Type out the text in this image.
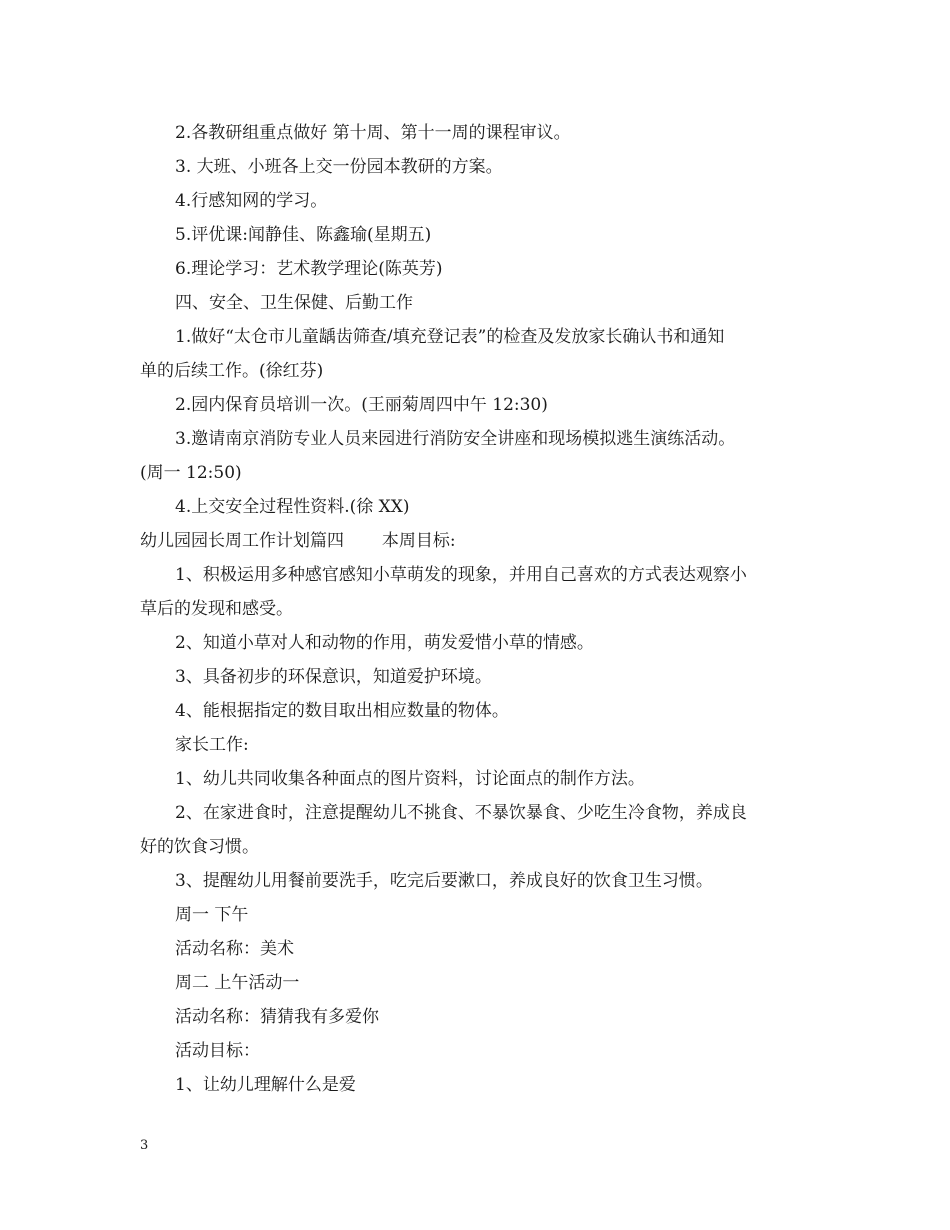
2.各教研组重点做好 第十周、第十一周的课程审议。

3. 大班、小班各上交一份园本教研的方案。

4.行感知网的学习。

5.评优课:闻静佳、陈鑫瑜(星期五)

6.理论学习：艺术教学理论(陈英芳)

四、安全、卫生保健、后勤工作

1.做好“太仓市儿童龋齿筛查/填充登记表”的检查及发放家长确认书和通知

单的后续工作。(徐红芬)

2.园内保育员培训一次。(王丽菊周四中午 12:30)

3.邀请南京消防专业人员来园进行消防安全讲座和现场模拟逃生演练活动。

(周一 12:50)

4.上交安全过程性资料.(徐 XX)

幼儿园园长周工作计划篇四       本周目标:

1、积极运用多种感官感知小草萌发的现象，并用自己喜欢的方式表达观察小

草后的发现和感受。

2、知道小草对人和动物的作用，萌发爱惜小草的情感。

3、具备初步的环保意识，知道爱护环境。

4、能根据指定的数目取出相应数量的物体。

家长工作:

1、幼儿共同收集各种面点的图片资料，讨论面点的制作方法。

2、在家进食时，注意提醒幼儿不挑食、不暴饮暴食、少吃生冷食物，养成良

好的饮食习惯。

3、提醒幼儿用餐前要洗手，吃完后要漱口，养成良好的饮食卫生习惯。

周一 下午

活动名称：美术

周二 上午活动一

活动名称：猜猜我有多爱你

活动目标：

1、让幼儿理解什么是爱

3
